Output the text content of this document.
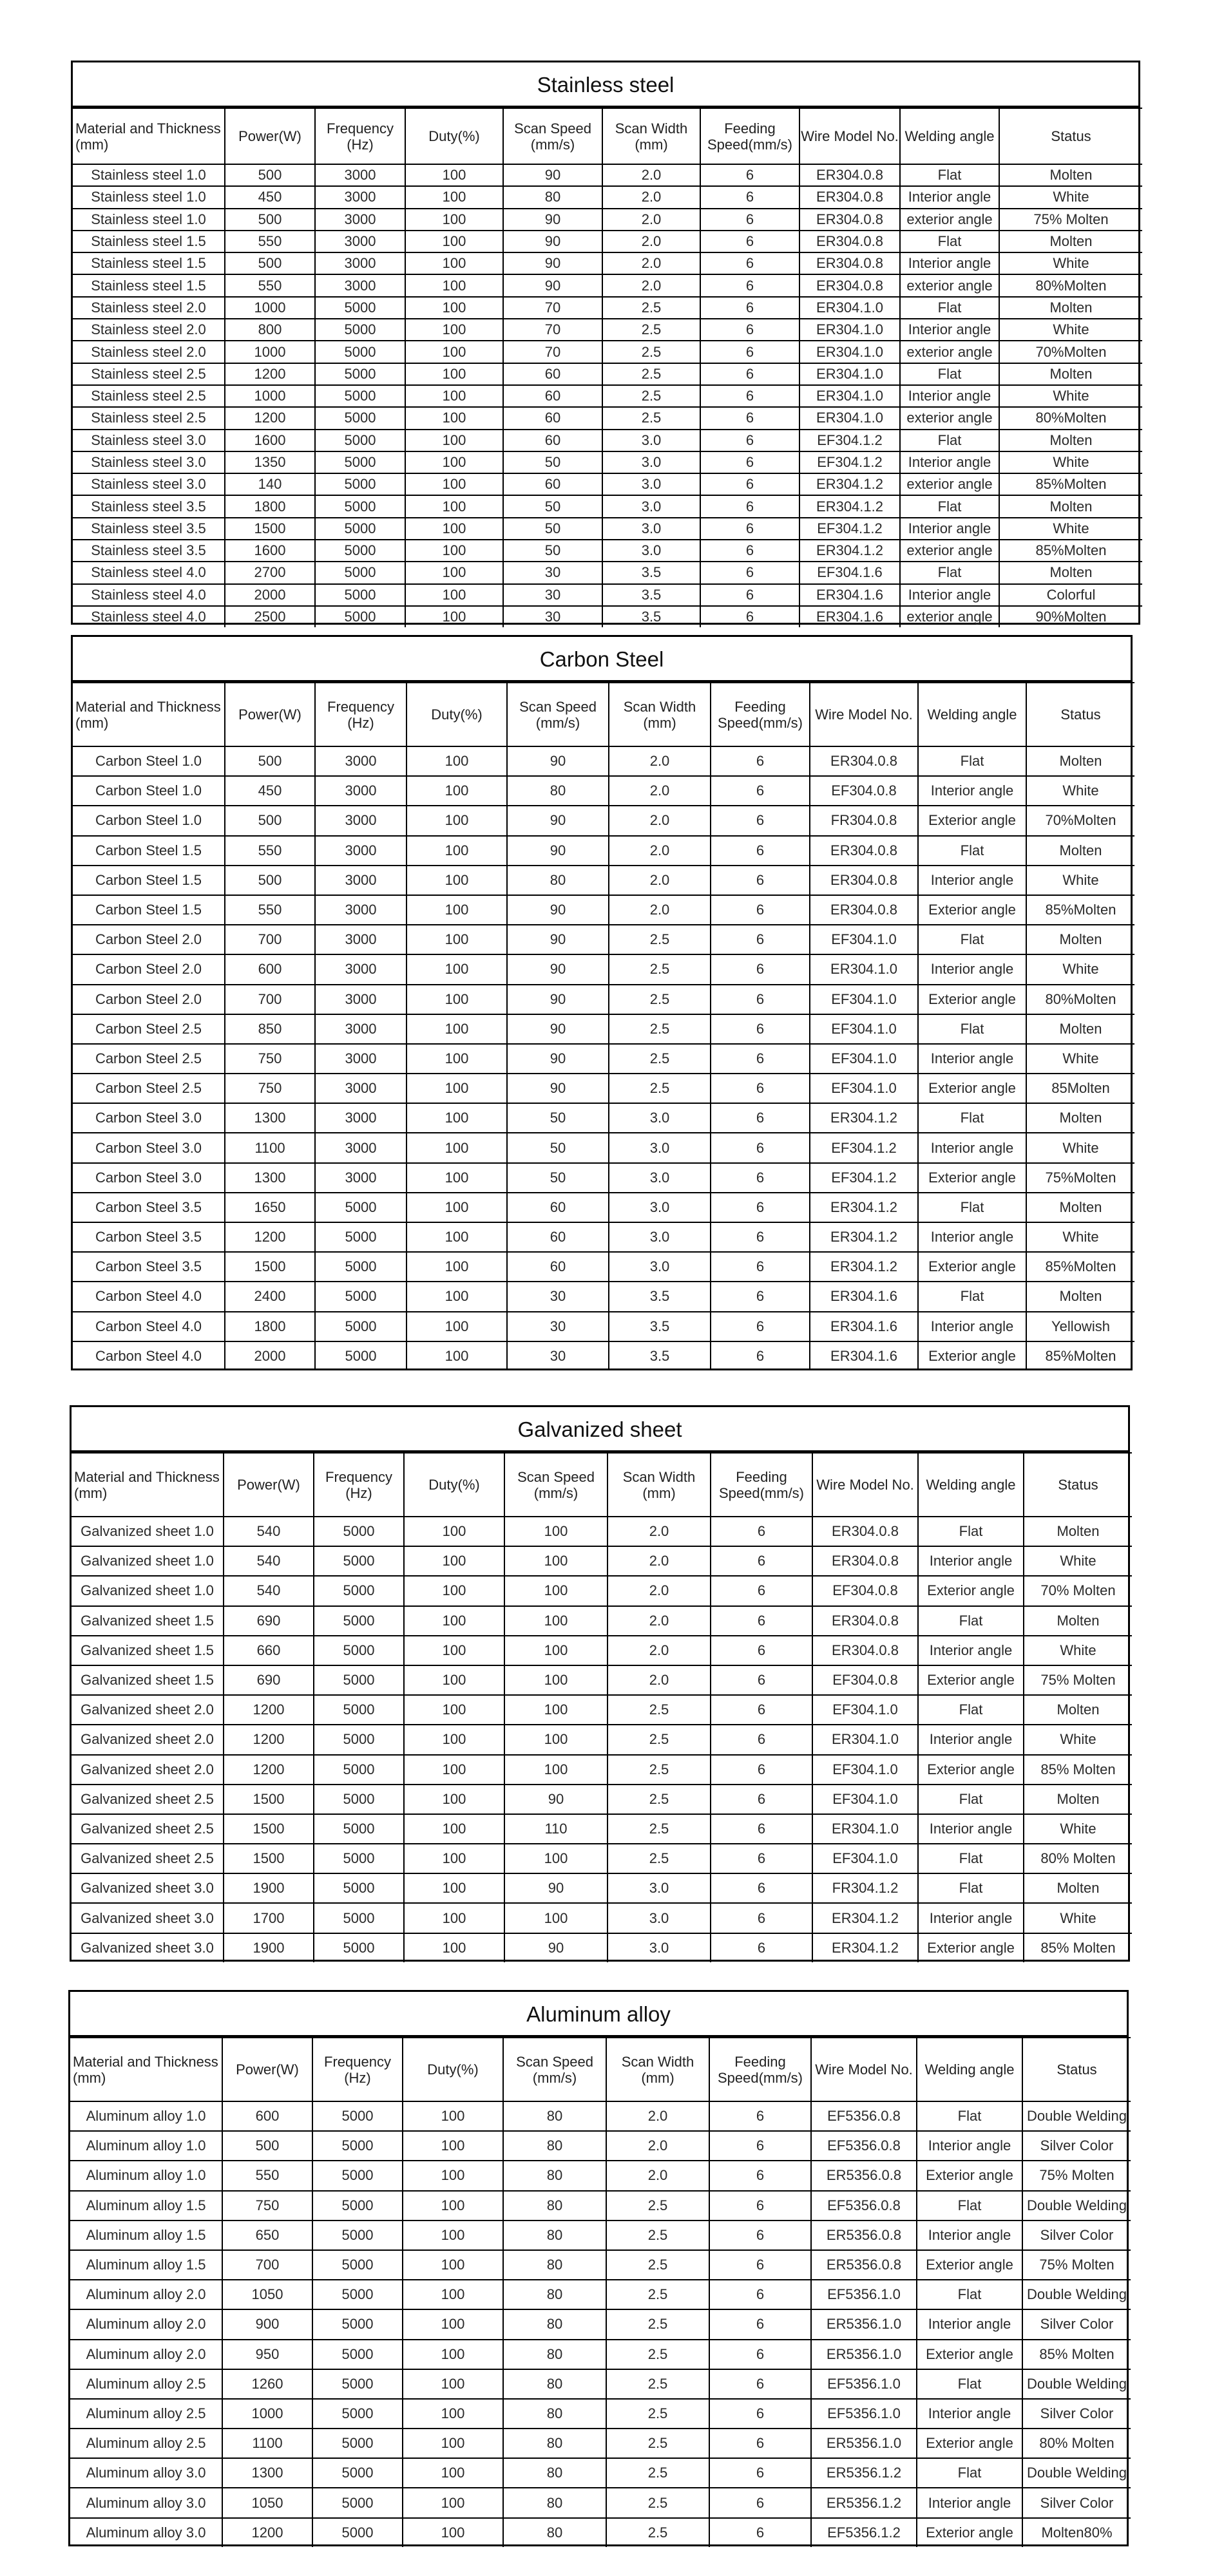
Stainless steel
Material and Thickness (mm)	Power(W)	Frequency (Hz)	Duty(%)	Scan Speed (mm/s)	Scan Width (mm)	Feeding Speed(mm/s)	Wire Model No.	Welding angle	Status
Stainless steel 1.0	500	3000	100	90	2.0	6	ER304.0.8	Flat	Molten
Stainless steel 1.0	450	3000	100	80	2.0	6	ER304.0.8	Interior angle	White
Stainless steel 1.0	500	3000	100	90	2.0	6	ER304.0.8	exterior angle	75% Molten
Stainless steel 1.5	550	3000	100	90	2.0	6	ER304.0.8	Flat	Molten
Stainless steel 1.5	500	3000	100	90	2.0	6	ER304.0.8	Interior angle	White
Stainless steel 1.5	550	3000	100	90	2.0	6	ER304.0.8	exterior angle	80%Molten
Stainless steel 2.0	1000	5000	100	70	2.5	6	ER304.1.0	Flat	Molten
Stainless steel 2.0	800	5000	100	70	2.5	6	ER304.1.0	Interior angle	White
Stainless steel 2.0	1000	5000	100	70	2.5	6	ER304.1.0	exterior angle	70%Molten
Stainless steel 2.5	1200	5000	100	60	2.5	6	ER304.1.0	Flat	Molten
Stainless steel 2.5	1000	5000	100	60	2.5	6	ER304.1.0	Interior angle	White
Stainless steel 2.5	1200	5000	100	60	2.5	6	ER304.1.0	exterior angle	80%Molten
Stainless steel 3.0	1600	5000	100	60	3.0	6	EF304.1.2	Flat	Molten
Stainless steel 3.0	1350	5000	100	50	3.0	6	EF304.1.2	Interior angle	White
Stainless steel 3.0	140	5000	100	60	3.0	6	ER304.1.2	exterior angle	85%Molten
Stainless steel 3.5	1800	5000	100	50	3.0	6	ER304.1.2	Flat	Molten
Stainless steel 3.5	1500	5000	100	50	3.0	6	EF304.1.2	Interior angle	White
Stainless steel 3.5	1600	5000	100	50	3.0	6	ER304.1.2	exterior angle	85%Molten
Stainless steel 4.0	2700	5000	100	30	3.5	6	EF304.1.6	Flat	Molten
Stainless steel 4.0	2000	5000	100	30	3.5	6	ER304.1.6	Interior angle	Colorful
Stainless steel 4.0	2500	5000	100	30	3.5	6	ER304.1.6	exterior angle	90%Molten
Carbon Steel
Material and Thickness (mm)	Power(W)	Frequency (Hz)	Duty(%)	Scan Speed (mm/s)	Scan Width (mm)	Feeding Speed(mm/s)	Wire Model No.	Welding angle	Status
Carbon Steel 1.0	500	3000	100	90	2.0	6	ER304.0.8	Flat	Molten
Carbon Steel 1.0	450	3000	100	80	2.0	6	EF304.0.8	Interior angle	White
Carbon Steel 1.0	500	3000	100	90	2.0	6	FR304.0.8	Exterior angle	70%Molten
Carbon Steel 1.5	550	3000	100	90	2.0	6	ER304.0.8	Flat	Molten
Carbon Steel 1.5	500	3000	100	80	2.0	6	ER304.0.8	Interior angle	White
Carbon Steel 1.5	550	3000	100	90	2.0	6	ER304.0.8	Exterior angle	85%Molten
Carbon Steel 2.0	700	3000	100	90	2.5	6	EF304.1.0	Flat	Molten
Carbon Steel 2.0	600	3000	100	90	2.5	6	ER304.1.0	Interior angle	White
Carbon Steel 2.0	700	3000	100	90	2.5	6	EF304.1.0	Exterior angle	80%Molten
Carbon Steel 2.5	850	3000	100	90	2.5	6	EF304.1.0	Flat	Molten
Carbon Steel 2.5	750	3000	100	90	2.5	6	EF304.1.0	Interior angle	White
Carbon Steel 2.5	750	3000	100	90	2.5	6	EF304.1.0	Exterior angle	85Molten
Carbon Steel 3.0	1300	3000	100	50	3.0	6	ER304.1.2	Flat	Molten
Carbon Steel 3.0	1100	3000	100	50	3.0	6	EF304.1.2	Interior angle	White
Carbon Steel 3.0	1300	3000	100	50	3.0	6	EF304.1.2	Exterior angle	75%Molten
Carbon Steel 3.5	1650	5000	100	60	3.0	6	ER304.1.2	Flat	Molten
Carbon Steel 3.5	1200	5000	100	60	3.0	6	ER304.1.2	Interior angle	White
Carbon Steel 3.5	1500	5000	100	60	3.0	6	ER304.1.2	Exterior angle	85%Molten
Carbon Steel 4.0	2400	5000	100	30	3.5	6	ER304.1.6	Flat	Molten
Carbon Steel 4.0	1800	5000	100	30	3.5	6	ER304.1.6	Interior angle	Yellowish
Carbon Steel 4.0	2000	5000	100	30	3.5	6	ER304.1.6	Exterior angle	85%Molten
Galvanized sheet
Material and Thickness (mm)	Power(W)	Frequency (Hz)	Duty(%)	Scan Speed (mm/s)	Scan Width (mm)	Feeding Speed(mm/s)	Wire Model No.	Welding angle	Status
Galvanized sheet 1.0	540	5000	100	100	2.0	6	ER304.0.8	Flat	Molten
Galvanized sheet 1.0	540	5000	100	100	2.0	6	ER304.0.8	Interior angle	White
Galvanized sheet 1.0	540	5000	100	100	2.0	6	EF304.0.8	Exterior angle	70% Molten
Galvanized sheet 1.5	690	5000	100	100	2.0	6	ER304.0.8	Flat	Molten
Galvanized sheet 1.5	660	5000	100	100	2.0	6	ER304.0.8	Interior angle	White
Galvanized sheet 1.5	690	5000	100	100	2.0	6	EF304.0.8	Exterior angle	75% Molten
Galvanized sheet 2.0	1200	5000	100	100	2.5	6	EF304.1.0	Flat	Molten
Galvanized sheet 2.0	1200	5000	100	100	2.5	6	ER304.1.0	Interior angle	White
Galvanized sheet 2.0	1200	5000	100	100	2.5	6	EF304.1.0	Exterior angle	85% Molten
Galvanized sheet 2.5	1500	5000	100	90	2.5	6	EF304.1.0	Flat	Molten
Galvanized sheet 2.5	1500	5000	100	110	2.5	6	ER304.1.0	Interior angle	White
Galvanized sheet 2.5	1500	5000	100	100	2.5	6	EF304.1.0	Flat	80% Molten
Galvanized sheet 3.0	1900	5000	100	90	3.0	6	FR304.1.2	Flat	Molten
Galvanized sheet 3.0	1700	5000	100	100	3.0	6	ER304.1.2	Interior angle	White
Galvanized sheet 3.0	1900	5000	100	90	3.0	6	ER304.1.2	Exterior angle	85% Molten
Aluminum alloy
Material and Thickness (mm)	Power(W)	Frequency (Hz)	Duty(%)	Scan Speed (mm/s)	Scan Width (mm)	Feeding Speed(mm/s)	Wire Model No.	Welding angle	Status
Aluminum alloy 1.0	600	5000	100	80	2.0	6	EF5356.0.8	Flat	Double Welding
Aluminum alloy 1.0	500	5000	100	80	2.0	6	EF5356.0.8	Interior angle	Silver Color
Aluminum alloy 1.0	550	5000	100	80	2.0	6	ER5356.0.8	Exterior angle	75% Molten
Aluminum alloy 1.5	750	5000	100	80	2.5	6	EF5356.0.8	Flat	Double Welding
Aluminum alloy 1.5	650	5000	100	80	2.5	6	ER5356.0.8	Interior angle	Silver Color
Aluminum alloy 1.5	700	5000	100	80	2.5	6	ER5356.0.8	Exterior angle	75% Molten
Aluminum alloy 2.0	1050	5000	100	80	2.5	6	EF5356.1.0	Flat	Double Welding
Aluminum alloy 2.0	900	5000	100	80	2.5	6	ER5356.1.0	Interior angle	Silver Color
Aluminum alloy 2.0	950	5000	100	80	2.5	6	ER5356.1.0	Exterior angle	85% Molten
Aluminum alloy 2.5	1260	5000	100	80	2.5	6	EF5356.1.0	Flat	Double Welding
Aluminum alloy 2.5	1000	5000	100	80	2.5	6	EF5356.1.0	Interior angle	Silver Color
Aluminum alloy 2.5	1100	5000	100	80	2.5	6	ER5356.1.0	Exterior angle	80% Molten
Aluminum alloy 3.0	1300	5000	100	80	2.5	6	ER5356.1.2	Flat	Double Welding
Aluminum alloy 3.0	1050	5000	100	80	2.5	6	ER5356.1.2	Interior angle	Silver Color
Aluminum alloy 3.0	1200	5000	100	80	2.5	6	EF5356.1.2	Exterior angle	Molten80%
